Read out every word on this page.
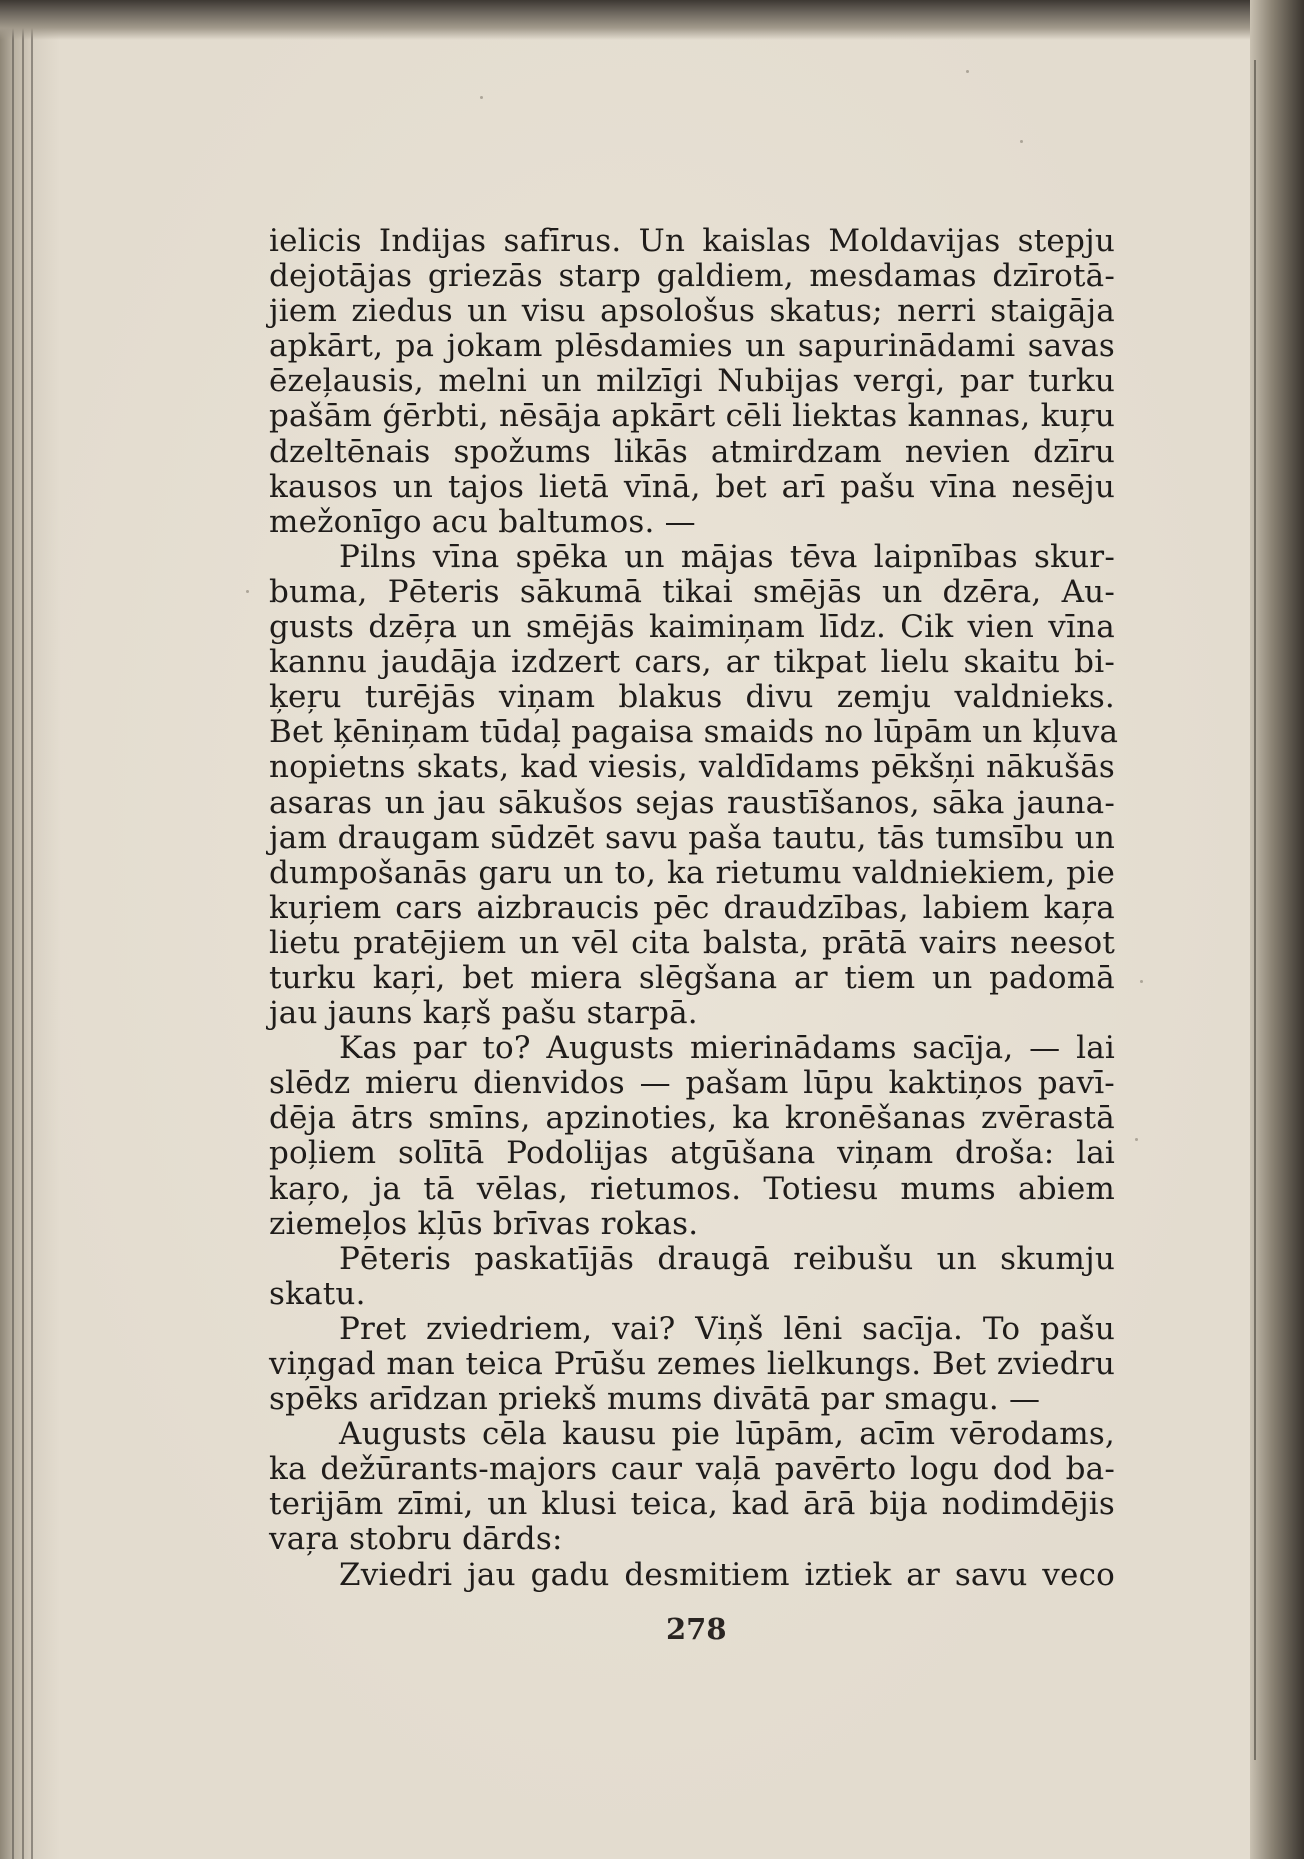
ielicis Indijas safīrus. Un kaislas Moldavijas stepju
dejotājas griezās starp galdiem, mesdamas dzīrotā-
jiem ziedus un visu apsološus skatus; nerri staigāja
apkārt, pa jokam plēsdamies un sapurinādami savas
ēzeļausis, melni un milzīgi Nubijas vergi, par turku
pašām ģērbti, nēsāja apkārt cēli liektas kannas, kuŗu
dzeltēnais spožums likās atmirdzam nevien dzīru
kausos un tajos lietā vīnā, bet arī pašu vīna nesēju
mežonīgo acu baltumos. —
Pilns vīna spēka un mājas tēva laipnības skur-
buma, Pēteris sākumā tikai smējās un dzēra, Au-
gusts dzēŗa un smējās kaimiņam līdz. Cik vien vīna
kannu jaudāja izdzert cars, ar tikpat lielu skaitu bi-
ķeŗu turējās viņam blakus divu zemju valdnieks.
Bet ķēniņam tūdaļ pagaisa smaids no lūpām un kļuva
nopietns skats, kad viesis, valdīdams pēkšņi nākušās
asaras un jau sākušos sejas raustīšanos, sāka jauna-
jam draugam sūdzēt savu paša tautu, tās tumsību un
dumpošanās garu un to, ka rietumu valdniekiem, pie
kuŗiem cars aizbraucis pēc draudzības, labiem kaŗa
lietu pratējiem un vēl cita balsta, prātā vairs neesot
turku kaŗi, bet miera slēgšana ar tiem un padomā
jau jauns kaŗš pašu starpā.
Kas par to? Augusts mierinādams sacīja, — lai
slēdz mieru dienvidos — pašam lūpu kaktiņos pavī-
dēja ātrs smīns, apzinoties, ka kronēšanas zvērastā
poļiem solītā Podolijas atgūšana viņam droša: lai
kaŗo, ja tā vēlas, rietumos. Totiesu mums abiem
ziemeļos kļūs brīvas rokas.
Pēteris paskatījās draugā reibušu un skumju
skatu.
Pret zviedriem, vai? Viņš lēni sacīja. To pašu
viņgad man teica Prūšu zemes lielkungs. Bet zviedru
spēks arīdzan priekš mums divātā par smagu. —
Augusts cēla kausu pie lūpām, acīm vērodams,
ka dežūrants-majors caur vaļā pavērto logu dod ba-
terijām zīmi, un klusi teica, kad ārā bija nodimdējis
vaŗa stobru dārds:
Zviedri jau gadu desmitiem iztiek ar savu veco
278
